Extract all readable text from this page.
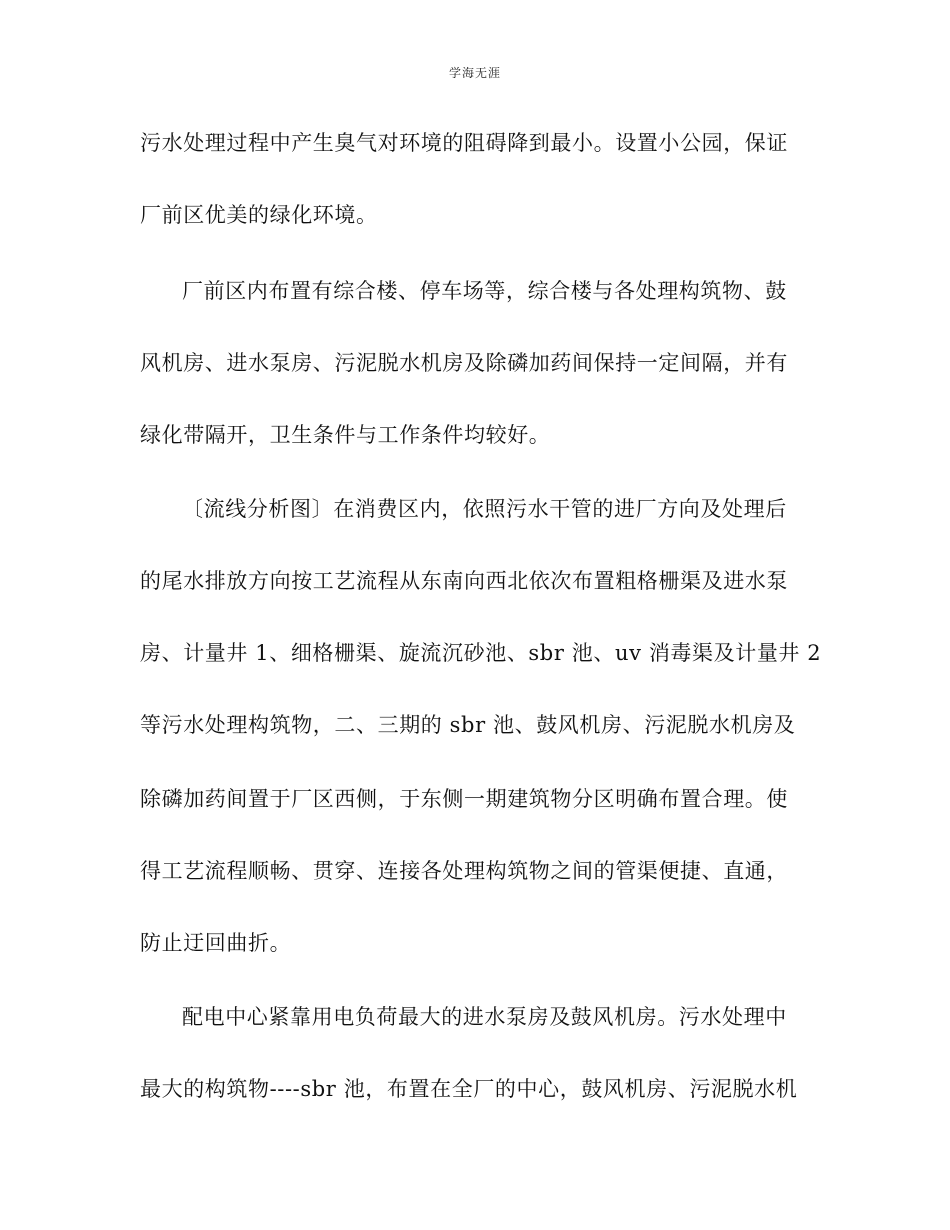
学海无涯
污水处理过程中产生臭气对环境的阻碍降到最小。设置小公园，保证
厂前区优美的绿化环境。
厂前区内布置有综合楼、停车场等，综合楼与各处理构筑物、鼓
风机房、进水泵房、污泥脱水机房及除磷加药间保持一定间隔，并有
绿化带隔开，卫生条件与工作条件均较好。
〔流线分析图〕在消费区内，依照污水干管的进厂方向及处理后
的尾水排放方向按工艺流程从东南向西北依次布置粗格栅渠及进水泵
房、计量井 1、细格栅渠、旋流沉砂池、sbr 池、uv 消毒渠及计量井 2
等污水处理构筑物，二、三期的 sbr 池、鼓风机房、污泥脱水机房及
除磷加药间置于厂区西侧，于东侧一期建筑物分区明确布置合理。使
得工艺流程顺畅、贯穿、连接各处理构筑物之间的管渠便捷、直通，
防止迂回曲折。
配电中心紧靠用电负荷最大的进水泵房及鼓风机房。污水处理中
最大的构筑物----sbr 池，布置在全厂的中心，鼓风机房、污泥脱水机
